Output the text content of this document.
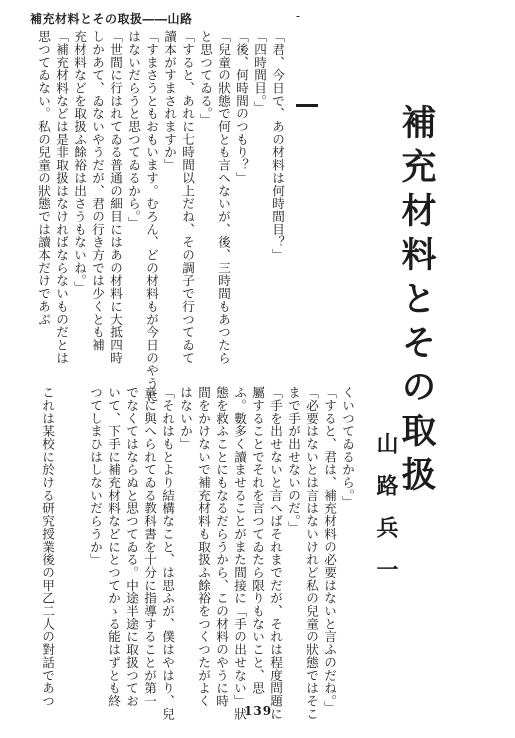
補充材料とその取扱――山路	-
「君、今日で、あの材料は何時間目？」
「四時間目。」
「後、何時間のつもり？」
「兒童の狀態で何とも言へないが、後、三時間もあつたら
と思つてゐる。」
「すると、あれに七時間以上だね、その調子で行つてゐて
讀本がすまされますか」
「すまさうともおもいます。むろん、どの材料もが今日のやうに
はないだらうと思つてゐるから。」
「世間に行はれてゐる普通の細目にはあの材料に大抵四時
しかあて、ゐないやうだが、君の行き方では少くとも補
充材料などを取扱ふ餘裕は出さうもないね。」
「補充材料などは是非取扱はなければならないものだとは
思つてゐない。私の兒童の狀態では讀本だけであぶ	補充材料とその取扱
山路兵一
くいつてゐるから。」
「すると、君は、補充材料の必要はないと言ふのだね。」
「必要はないとは言はないけれど私の兒童の狀態ではそこ
まで手が出せないのだ。」
「手を出せないと言へばそれまでだが、それは程度問題に
屬することでそれを言つてゐたら限りもないこと、思
ふ。數多く讀ませることがまた間接に「手の出せない」狀
態を救ふことにもなるだらうから、この材料のやうに時
間をかけないで補充材料も取扱ふ餘裕をつくつたがよく
はないか」
「それはもとより結構なこと、は思ふが、僕はやはり、兒
童に與へられてゐる教科書を十分に指導することが第一
でなくてはならぬと思つてゐる。中途半途に取扱つてお
いて、下手に補充材料などにとつてかゝる能はずとも終
つてしまひはしないだらうか」
これは某校に於ける研究授業後の甲乙二人の對話であつ
139
